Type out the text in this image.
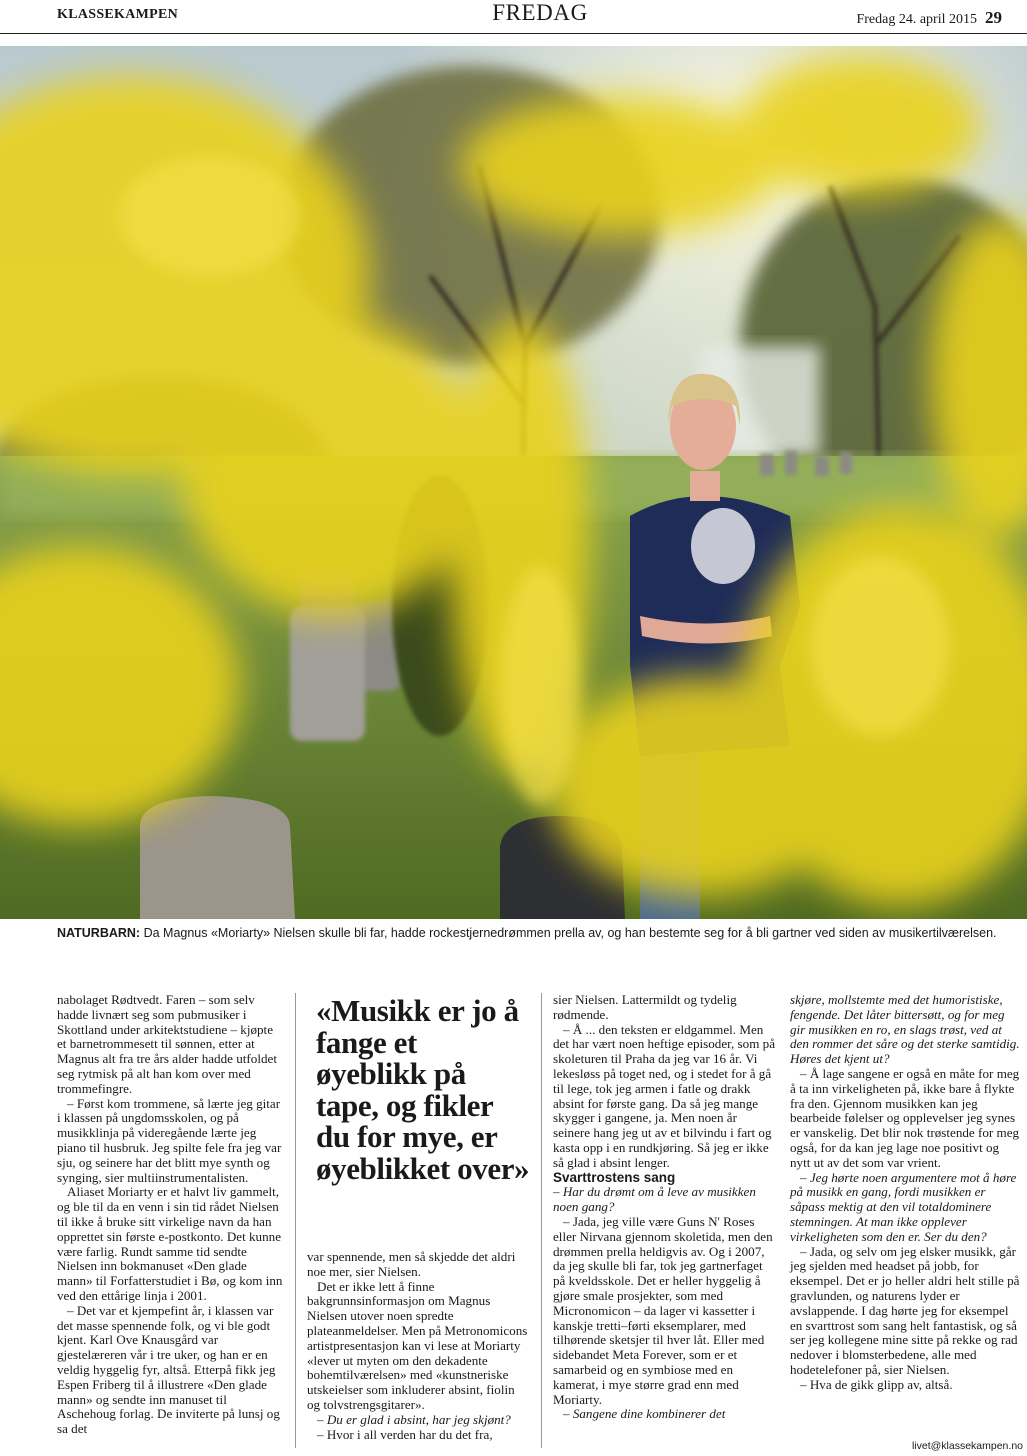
KLASSEKAMPEN	FREDAG	Fredag 24. april 2015 29
NATURBARN: Da Magnus «Moriarty» Nielsen skulle bli far, hadde rockestjernedrømmen prella av, og han bestemte seg for å bli gartner ved siden av musikertilværelsen.

nabolaget Rødtvedt. Faren – som selv hadde livnært seg som pubmusiker i Skottland under arkitektstudiene – kjøpte et barnetrommesett til sønnen, etter at Magnus alt fra tre års alder hadde utfoldet seg rytmisk på alt han kom over med trommefingre.

– Først kom trommene, så lærte jeg gitar i klassen på ungdomsskolen, og på musikklinja på videregående lærte jeg piano til husbruk. Jeg spilte fele fra jeg var sju, og seinere har det blitt mye synth og synging, sier multiinstrumentalisten.

Aliaset Moriarty er et halvt liv gammelt, og ble til da en venn i sin tid rådet Nielsen til ikke å bruke sitt virkelige navn da han opprettet sin første e-postkonto. Det kunne være farlig. Rundt samme tid sendte Nielsen inn bokmanuset «Den glade mann» til Forfatterstudiet i Bø, og kom inn ved den ettårige linja i 2001.

– Det var et kjempefint år, i klassen var det masse spennende folk, og vi ble godt kjent. Karl Ove Knausgård var gjestelæreren vår i tre uker, og han er en veldig hyggelig fyr, altså. Etterpå fikk jeg Espen Friberg til å illustrere «Den glade mann» og sendte inn manuset til Aschehoug forlag. De inviterte på lunsj og sa det

«Musikk er jo å fange et øyeblikk på tape, og fikler du for mye, er øyeblikket over»

var spennende, men så skjedde det aldri noe mer, sier Nielsen.

Det er ikke lett å finne bakgrunnsinformasjon om Magnus Nielsen utover noen spredte plateanmeldelser. Men på Metronomicons artistpresentasjon kan vi lese at Moriarty «lever ut myten om den dekadente bohemtilværelsen» med «kunstneriske utskeielser som inkluderer absint, fiolin og tolvstrengsgitarer».

– Du er glad i absint, har jeg skjønt?

– Hvor i all verden har du det fra,

sier Nielsen. Lattermildt og tydelig rødmende.

– Å ... den teksten er eldgammel. Men det har vært noen heftige episoder, som på skoleturen til Praha da jeg var 16 år. Vi lekesløss på toget ned, og i stedet for å gå til lege, tok jeg armen i fatle og drakk absint for første gang. Da så jeg mange skygger i gangene, ja. Men noen år seinere hang jeg ut av et bilvindu i fart og kasta opp i en rundkjøring. Så jeg er ikke så glad i absint lenger.

Svarttrostens sang

– Har du drømt om å leve av musikken noen gang?

– Jada, jeg ville være Guns N' Roses eller Nirvana gjennom skoletida, men den drømmen prella heldigvis av. Og i 2007, da jeg skulle bli far, tok jeg gartnerfaget på kveldsskole. Det er heller hyggelig å gjøre smale prosjekter, som med Micronomicon – da lager vi kassetter i kanskje tretti–førti eksemplarer, med tilhørende sketsjer til hver låt. Eller med sidebandet Meta Forever, som er et samarbeid og en symbiose med en kamerat, i mye større grad enn med Moriarty.

– Sangene dine kombinerer det

skjøre, mollstemte med det humoristiske, fengende. Det låter bittersøtt, og for meg gir musikken en ro, en slags trøst, ved at den rommer det såre og det sterke samtidig. Høres det kjent ut?

– Å lage sangene er også en måte for meg å ta inn virkeligheten på, ikke bare å flykte fra den. Gjennom musikken kan jeg bearbeide følelser og opplevelser jeg synes er vanskelig. Det blir nok trøstende for meg også, for da kan jeg lage noe positivt og nytt ut av det som var vrient.

– Jeg hørte noen argumentere mot å høre på musikk en gang, fordi musikken er såpass mektig at den vil totaldominere stemningen. At man ikke opplever virkeligheten som den er. Ser du den?

– Jada, og selv om jeg elsker musikk, går jeg sjelden med headset på jobb, for eksempel. Det er jo heller aldri helt stille på gravlunden, og naturens lyder er avslappende. I dag hørte jeg for eksempel en svarttrost som sang helt fantastisk, og så ser jeg kollegene mine sitte på rekke og rad nedover i blomsterbedene, alle med hodetelefoner på, sier Nielsen.

– Hva de gikk glipp av, altså.

livet@klassekampen.no
